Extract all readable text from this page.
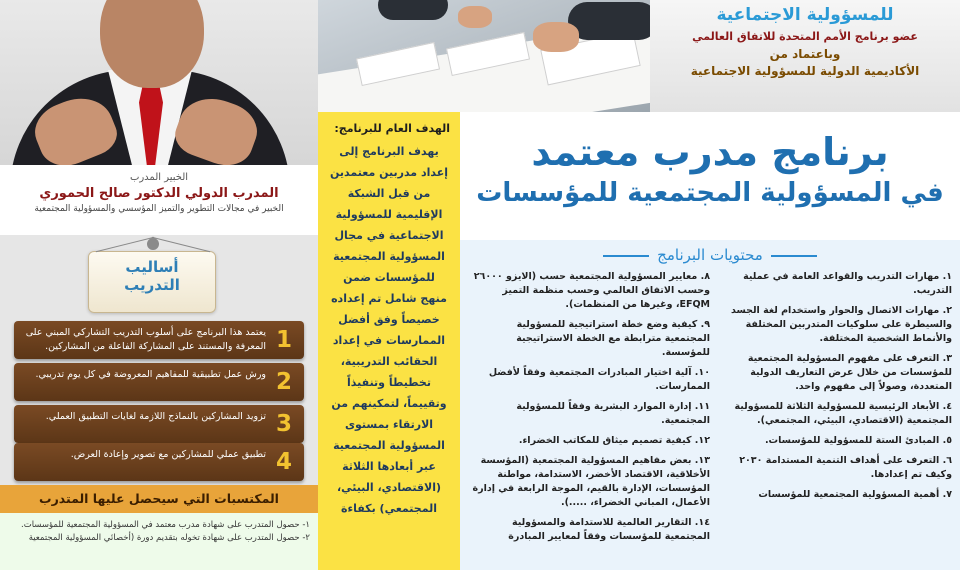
الخبير المدرب
المدرب الدولي الدكتور صالح الحموري
الخبير في مجالات التطوير والتميز المؤسسي والمسؤولية المجتمعية
أساليب
التدريب
1
يعتمد هذا البرنامج على أسلوب التدريب التشاركي المبني على المعرفة والمستند على المشاركة الفاعلة من المشاركين.
2
ورش عمل تطبيقية للمفاهيم المعروضة في كل يوم تدريبي.
3
تزويد المشاركين بالنماذج اللازمة لغايات التطبيق العملي.
4
تطبيق عملي للمشاركين مع تصوير وإعادة العرض.
المكتسبات التي سيحصل عليها المتدرب
١- حصول المتدرب على شهادة مدرب معتمد في المسؤولية المجتمعية للمؤسسات.
٢- حصول المتدرب على شهادة تخوله بتقديم دورة (أخصائي المسؤولية المجتمعية
للمسؤولية الاجتماعية
عضو برنامج الأمم المتحدة للاتفاق العالمي
وباعتماد من
الأكاديمية الدولية للمسؤولية الاجتماعية
الهدف العام للبرنامج:
يهدف البرنامج إلى إعداد مدربين معتمدين من قبل الشبكة الإقليمية للمسؤولية الاجتماعية في مجال المسؤولية المجتمعية للمؤسسات ضمن منهج شامل تم إعداده خصيصاً وفق أفضل الممارسات في إعداد الحقائب التدريبية، تخطيطاً وتنفيذاً وتقييماً، لتمكينهم من الارتقاء بمستوى المسؤولية المجتمعية عبر أبعادها الثلاثة (الاقتصادي، البيئي، المجتمعي) بكفاءة
برنامج مدرب معتمد
في المسؤولية المجتمعية للمؤسسات
محتويات البرنامج
١. مهارات التدريب والقواعد العامة في عملية التدريب.
٢. مهارات الاتصال والحوار واستخدام لغة الجسد والسيطرة على سلوكيات المتدربين المختلفة والأنماط الشخصية المختلفة.
٣. التعرف على مفهوم المسؤولية المجتمعية للمؤسسات من خلال عرض التعاريف الدولية المتعددة، وصولاً إلى مفهوم واحد.
٤. الأبعاد الرئيسية للمسؤولية الثلاثة للمسؤولية المجتمعية (الاقتصادي، البيئي، المجتمعي).
٥. المبادئ الستة للمسؤولية للمؤسسات.
٦. التعرف على أهداف التنمية المستدامة ٢٠٣٠ وكيف تم إعدادها.
٧. أهمية المسؤولية المجتمعية للمؤسسات
٨. معايير المسؤولية المجتمعية حسب (الايزو ٢٦٠٠٠ وحسب الاتفاق العالمي وحسب منظمة التميز EFQM، وغيرها من المنظمات).
٩. كيفية وضع خطة استراتيجية للمسؤولية المجتمعية مترابطة مع الخطة الاستراتيجية للمؤسسة.
١٠. آلية اختيار المبادرات المجتمعية وفقاً لأفضل الممارسات.
١١. إدارة الموارد البشرية وفقاً للمسؤولية المجتمعية.
١٢. كيفية تصميم ميثاق للمكاتب الخضراء.
١٣. بعض مفاهيم المسؤولية المجتمعية (المؤسسة الأخلاقية، الاقتصاد الأخضر، الاستدامة، مواطنة المؤسسات، الإدارة بالقيم، الموجة الرابعة في إدارة الأعمال، المباني الخضراء، .....).
١٤. التقارير العالمية للاستدامة والمسؤولية المجتمعية للمؤسسات وفقاً لمعايير المبادرة
